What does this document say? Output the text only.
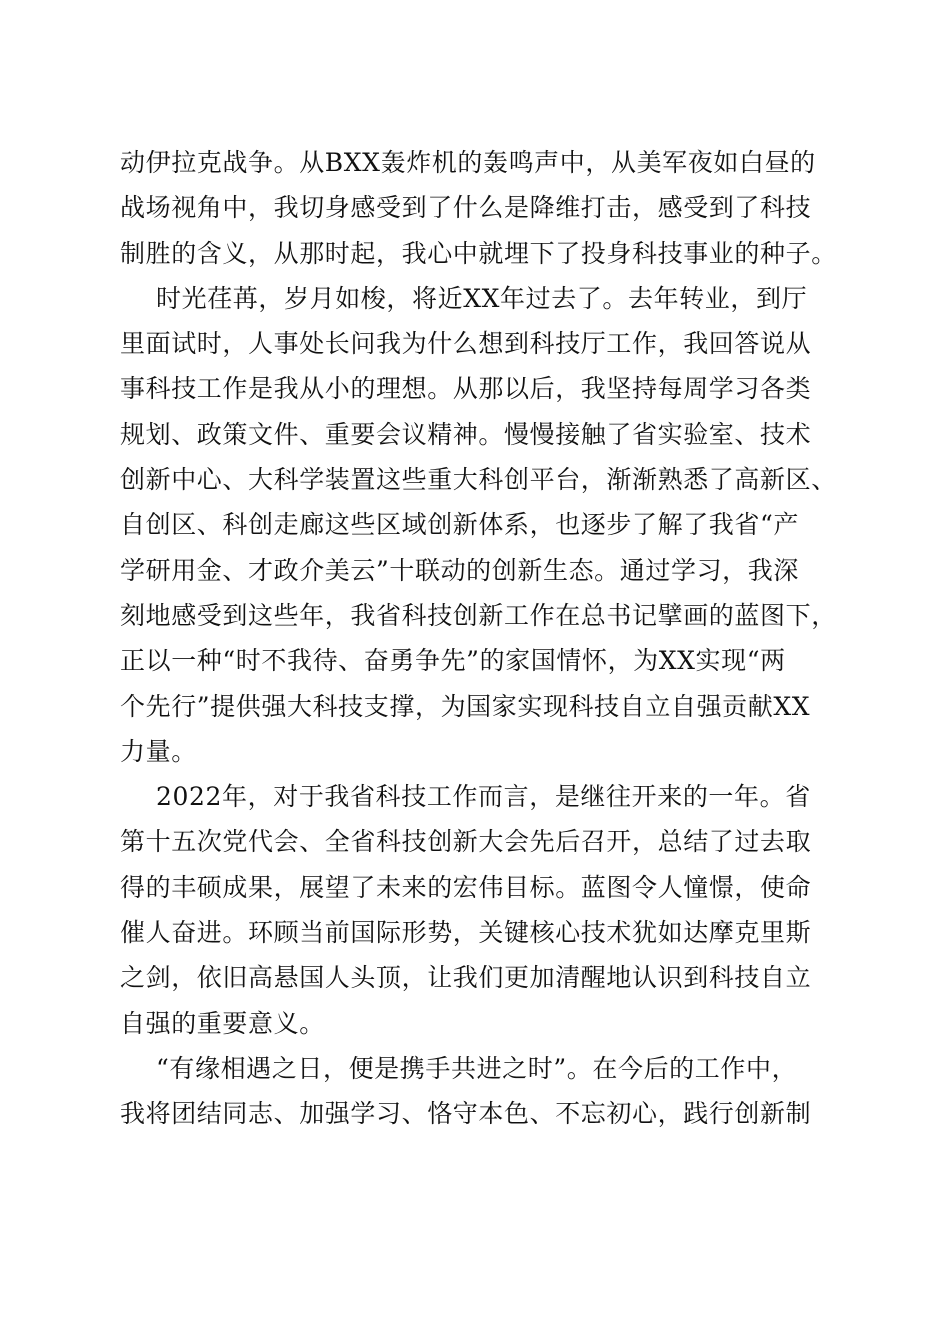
动伊拉克战争。从BXX轰炸机的轰鸣声中，从美军夜如白昼的
战场视角中，我切身感受到了什么是降维打击，感受到了科技
制胜的含义，从那时起，我心中就埋下了投身科技事业的种子。
时光荏苒，岁月如梭，将近XX年过去了。去年转业，到厅
里面试时，人事处长问我为什么想到科技厅工作，我回答说从
事科技工作是我从小的理想。从那以后，我坚持每周学习各类
规划、政策文件、重要会议精神。慢慢接触了省实验室、技术
创新中心、大科学装置这些重大科创平台，渐渐熟悉了高新区、
自创区、科创走廊这些区域创新体系，也逐步了解了我省“产
学研用金、才政介美云”十联动的创新生态。通过学习，我深
刻地感受到这些年，我省科技创新工作在总书记擘画的蓝图下，
正以一种“时不我待、奋勇争先”的家国情怀，为XX实现“两
个先行”提供强大科技支撑，为国家实现科技自立自强贡献XX
力量。
2022年，对于我省科技工作而言，是继往开来的一年。省
第十五次党代会、全省科技创新大会先后召开，总结了过去取
得的丰硕成果，展望了未来的宏伟目标。蓝图令人憧憬，使命
催人奋进。环顾当前国际形势，关键核心技术犹如达摩克里斯
之剑，依旧高悬国人头顶，让我们更加清醒地认识到科技自立
自强的重要意义。
“有缘相遇之日，便是携手共进之时”。在今后的工作中，
我将团结同志、加强学习、恪守本色、不忘初心，践行创新制
